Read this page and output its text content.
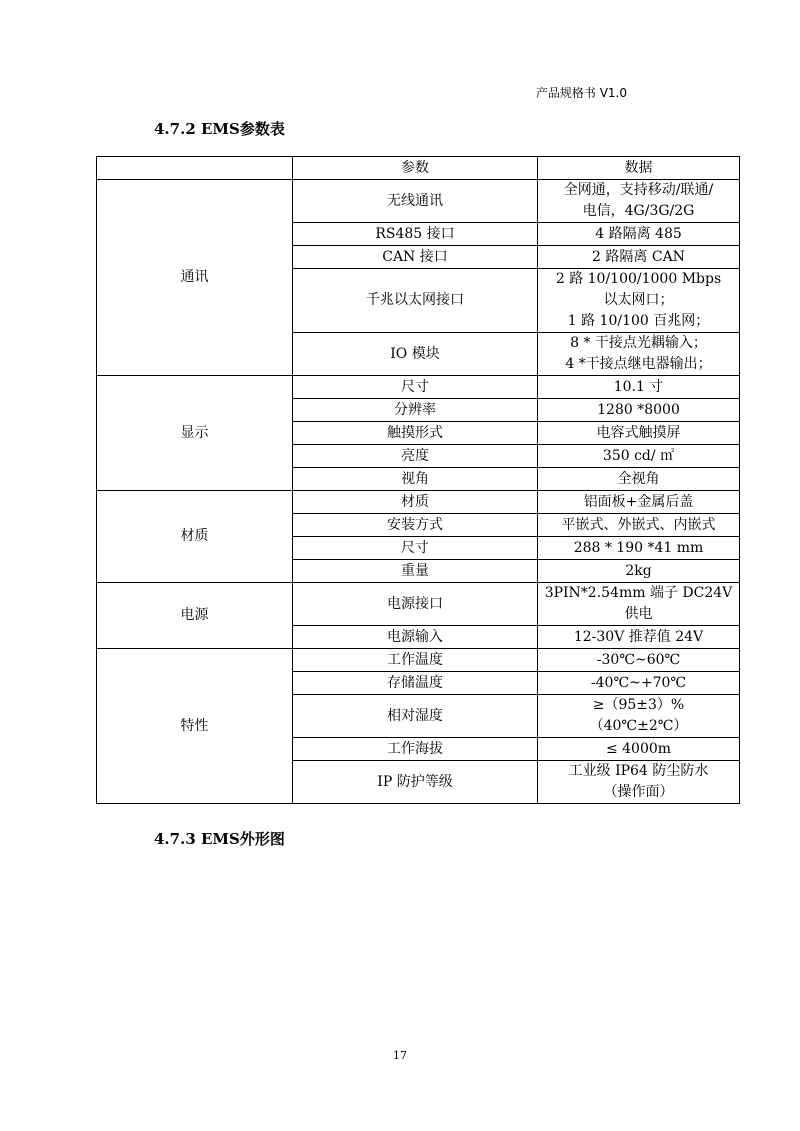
产品规格书 V1.0
4.7.2 EMS参数表
	参数	数据
通讯	无线通讯	全网通，支持移动/联通/
电信，4G/3G/2G

	RS485 接口	4 路隔离 485

	CAN 接口	2 路隔离 CAN

	千兆以太网接口	2 路 10/100/1000 Mbps
以太网口；
1 路 10/100 百兆网；

	IO 模块	8 * 干接点光耦输入；
4 *干接点继电器输出；

显示	尺寸	10.1 寸

	分辨率	1280 *8000

	触摸形式	电容式触摸屏

	亮度	350 cd/ ㎡

	视角	全视角

材质	材质	铝面板+金属后盖

	安装方式	平嵌式、外嵌式、内嵌式

	尺寸	288 * 190 *41 mm

	重量	2kg

电源	电源接口	3PIN*2.54mm 端子 DC24V
供电

	电源输入	12-30V 推荐值 24V

特性	工作温度	-30℃~60℃

	存储温度	-40℃~+70℃

	相对湿度	≥（95±3）%
（40℃±2℃）

	工作海拔	≤ 4000m

	IP 防护等级	工业级 IP64 防尘防水
（操作面）
4.7.3 EMS外形图
17
